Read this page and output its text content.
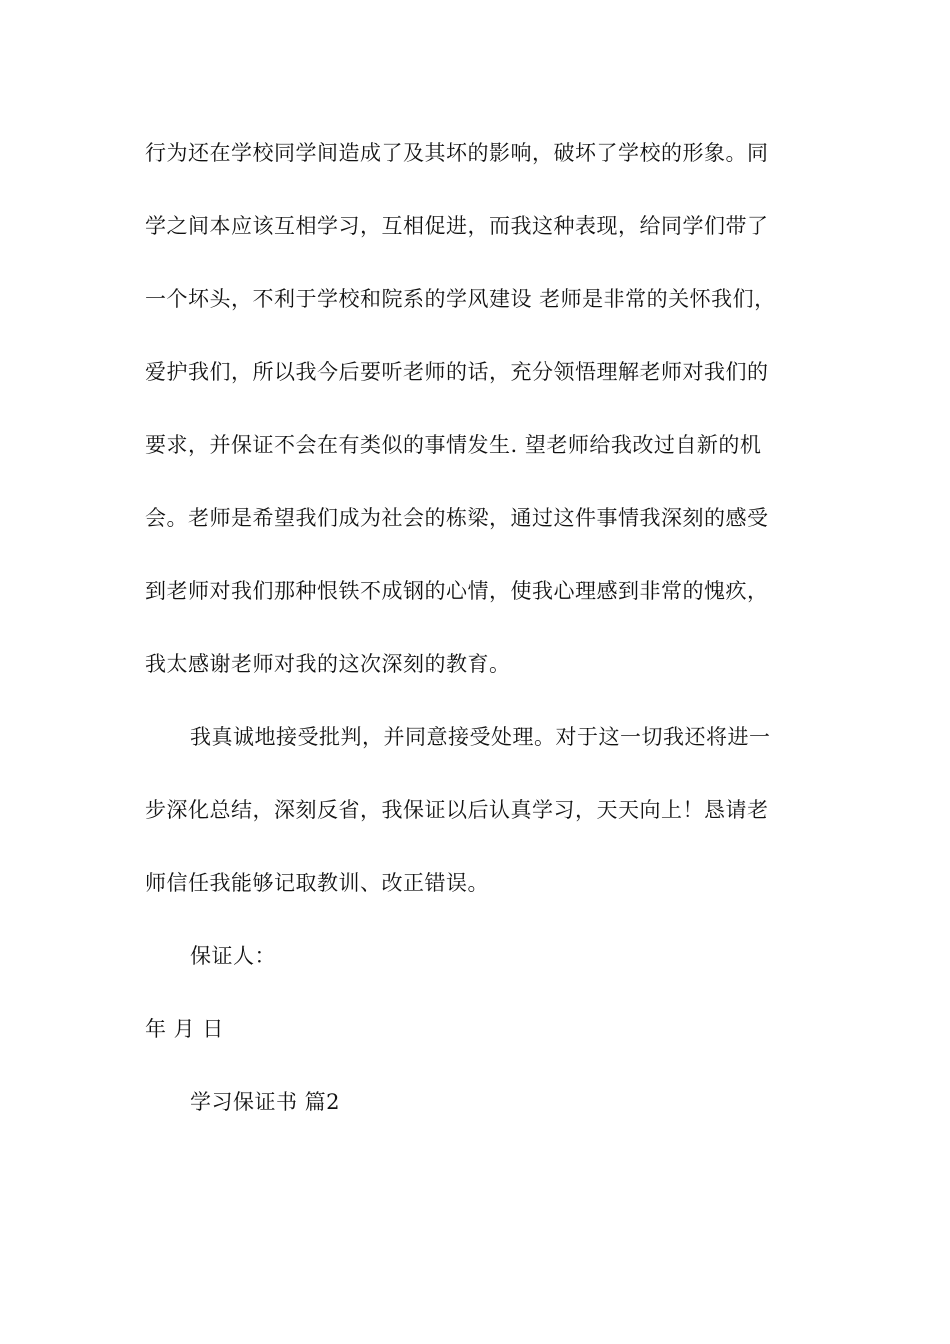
行为还在学校同学间造成了及其坏的影响，破坏了学校的形象。同
学之间本应该互相学习，互相促进，而我这种表现，给同学们带了
一个坏头，不利于学校和院系的学风建设 老师是非常的关怀我们，
爱护我们，所以我今后要听老师的话，充分领悟理解老师对我们的
要求，并保证不会在有类似的事情发生. 望老师给我改过自新的机
会。老师是希望我们成为社会的栋梁，通过这件事情我深刻的感受
到老师对我们那种恨铁不成钢的心情，使我心理感到非常的愧疚，
我太感谢老师对我的这次深刻的教育。
我真诚地接受批判，并同意接受处理。对于这一切我还将进一
步深化总结，深刻反省，我保证以后认真学习，天天向上！恳请老
师信任我能够记取教训、改正错误。
保证人：
年 月 日
学习保证书 篇2
